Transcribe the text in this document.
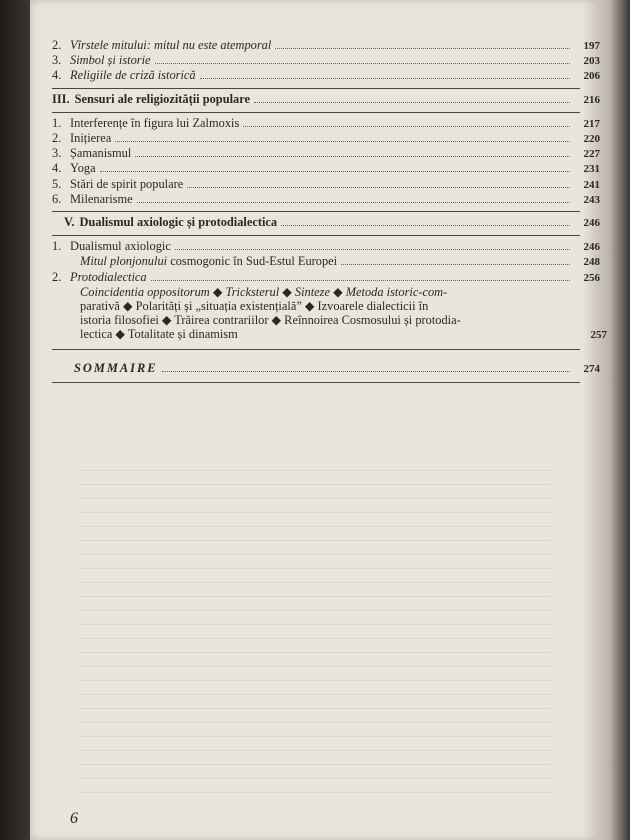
2. Vîrstele mitului: mitul nu este atemporal	197
3. Simbol și istorie	203
4. Religiile de criză istorică	206
III. Sensuri ale religiozității populare	216
1. Interferențe în figura lui Zalmoxis	217
2. Inițierea	220
3. Șamanismul	227
4. Yoga	231
5. Stări de spirit populare	241
6. Milenarisme	243
V. Dualismul axiologic și protodialectica	246
1. Dualismul axiologic	246
Mitul plonjonului cosmogonic în Sud-Estul Europei	248
2. Protodialectica	256
Coincidentia oppositorum ◆ Tricksterul ◆ Sinteze ◆ Metoda istoric-com-
parativă ◆ Polarități și „situația existențială” ◆ Izvoarele dialecticii în
istoria filosofiei ◆ Trăirea contrariilor ◆ Reînnoirea Cosmosului și protodia-
lectica ◆ Totalitate și dinamism	257
SOMMAIRE	274
6
